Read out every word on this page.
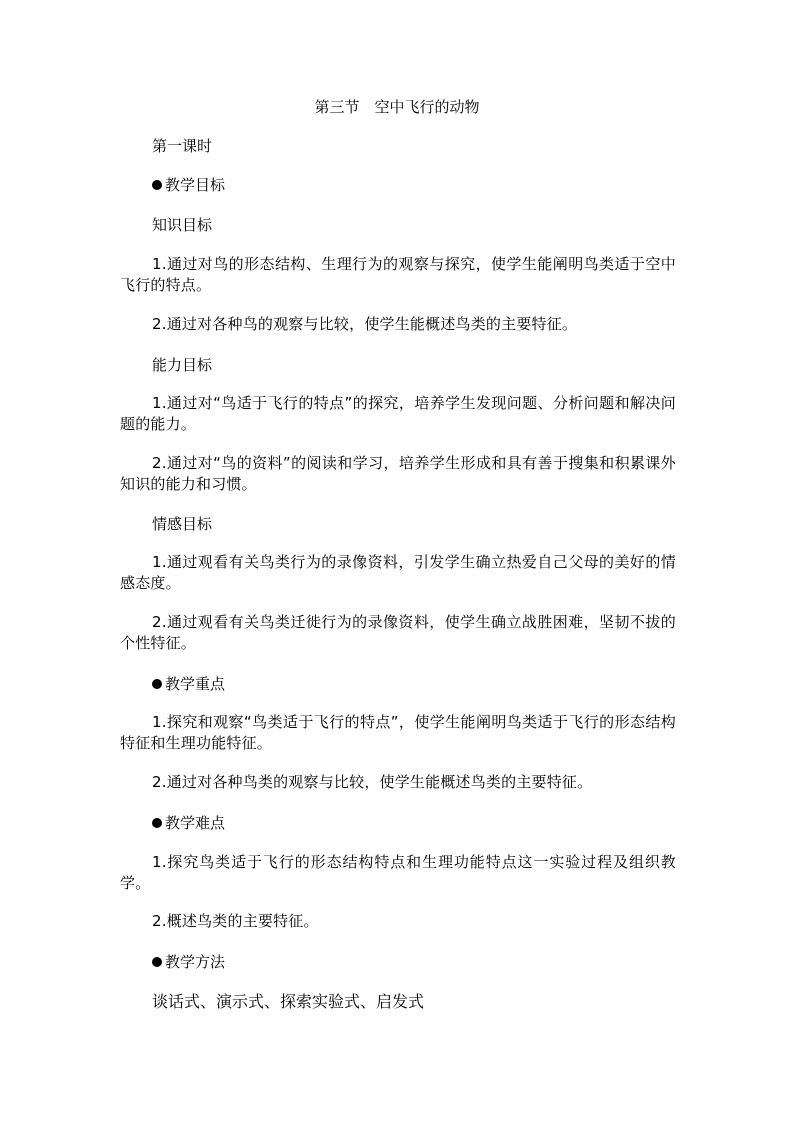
第三节　空中飞行的动物
第一课时
教学目标
知识目标
1.通过对鸟的形态结构、生理行为的观察与探究，使学生能阐明鸟类适于空中飞行的特点。
2.通过对各种鸟的观察与比较，使学生能概述鸟类的主要特征。
能力目标
1.通过对“鸟适于飞行的特点”的探究，培养学生发现问题、分析问题和解决问题的能力。
2.通过对“鸟的资料”的阅读和学习，培养学生形成和具有善于搜集和积累课外知识的能力和习惯。
情感目标
1.通过观看有关鸟类行为的录像资料，引发学生确立热爱自己父母的美好的情感态度。
2.通过观看有关鸟类迁徙行为的录像资料，使学生确立战胜困难，坚韧不拔的个性特征。
教学重点
1.探究和观察“鸟类适于飞行的特点”，使学生能阐明鸟类适于飞行的形态结构特征和生理功能特征。
2.通过对各种鸟类的观察与比较，使学生能概述鸟类的主要特征。
教学难点
1.探究鸟类适于飞行的形态结构特点和生理功能特点这一实验过程及组织教学。
2.概述鸟类的主要特征。
教学方法
谈话式、演示式、探索实验式、启发式
